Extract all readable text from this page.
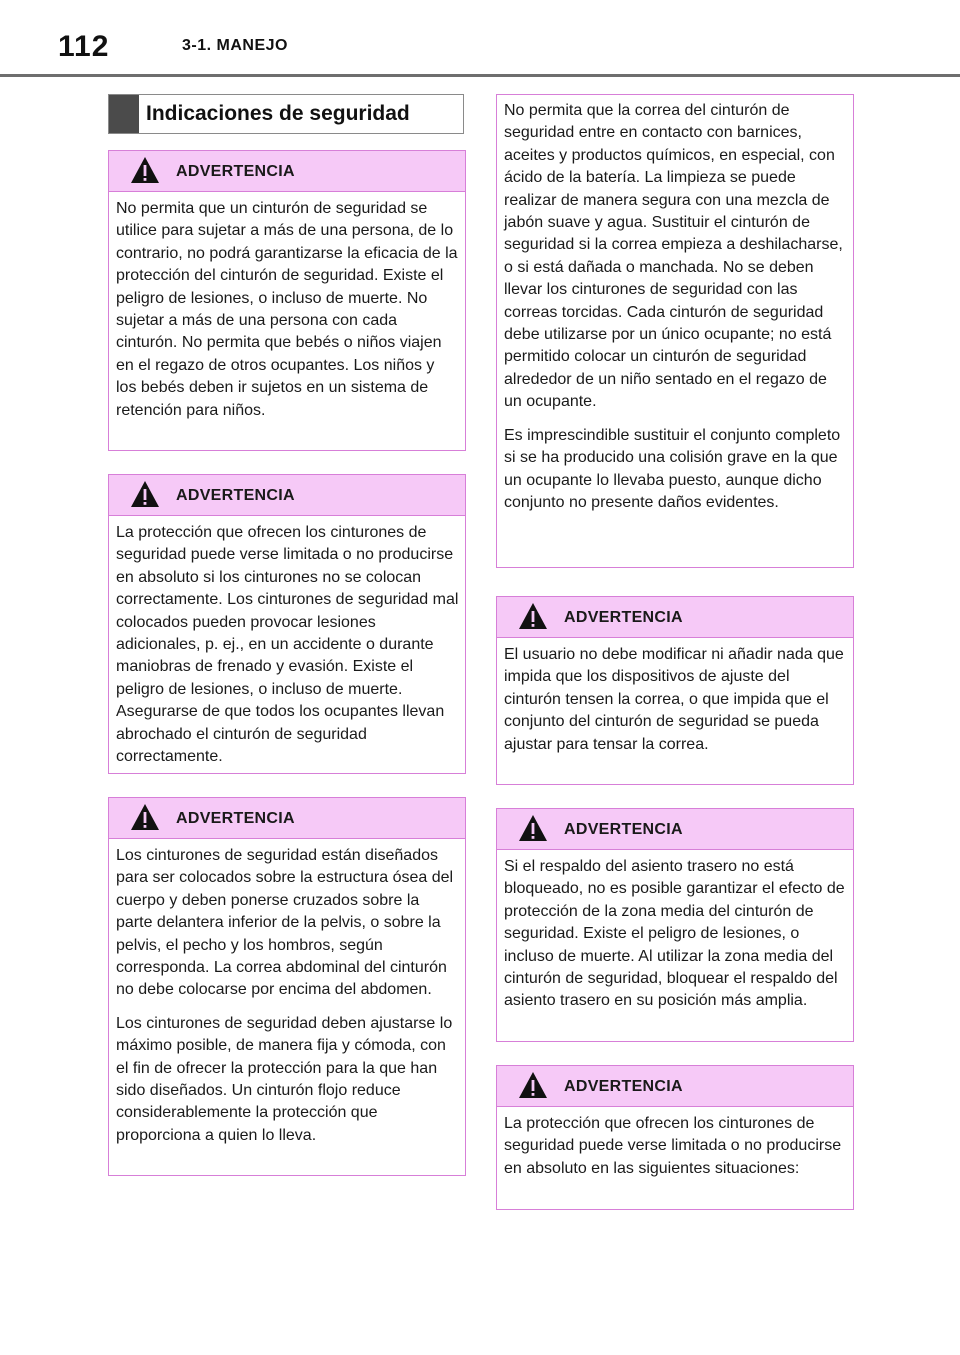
112	3-1. MANEJO
Indicaciones de seguridad
ADVERTENCIA

No permita que un cinturón de seguridad se utilice para sujetar a más de una persona, de lo contrario, no podrá garantizarse la eficacia de la protección del cinturón de seguridad. Existe el peligro de lesiones, o incluso de muerte. No sujetar a más de una persona con cada cinturón. No permita que bebés o niños viajen en el regazo de otros ocupantes. Los niños y los bebés deben ir sujetos en un sistema de retención para niños.

ADVERTENCIA

La protección que ofrecen los cinturones de seguridad puede verse limitada o no producirse en absoluto si los cinturones no se colocan correctamente. Los cinturones de seguridad mal colocados pueden provocar lesiones adicionales, p. ej., en un accidente o durante maniobras de frenado y evasión. Existe el peligro de lesiones, o incluso de muerte. Asegurarse de que todos los ocupantes llevan abrochado el cinturón de seguridad correctamente.

ADVERTENCIA

Los cinturones de seguridad están diseñados para ser colocados sobre la estructura ósea del cuerpo y deben ponerse cruzados sobre la parte delantera inferior de la pelvis, o sobre la pelvis, el pecho y los hombros, según corresponda. La correa abdominal del cinturón no debe colocarse por encima del abdomen.

Los cinturones de seguridad deben ajustarse lo máximo posible, de manera fija y cómoda, con el fin de ofrecer la protección para la que han sido diseñados. Un cinturón flojo reduce considerablemente la protección que proporciona a quien lo lleva.

No permita que la correa del cinturón de seguridad entre en contacto con barnices, aceites y productos químicos, en especial, con ácido de la batería. La limpieza se puede realizar de manera segura con una mezcla de jabón suave y agua. Sustituir el cinturón de seguridad si la correa empieza a deshilacharse, o si está dañada o manchada. No se deben llevar los cinturones de seguridad con las correas torcidas. Cada cinturón de seguridad debe utilizarse por un único ocupante; no está permitido colocar un cinturón de seguridad alrededor de un niño sentado en el regazo de un ocupante.

Es imprescindible sustituir el conjunto completo si se ha producido una colisión grave en la que un ocupante lo llevaba puesto, aunque dicho conjunto no presente daños evidentes.

ADVERTENCIA

El usuario no debe modificar ni añadir nada que impida que los dispositivos de ajuste del cinturón tensen la correa, o que impida que el conjunto del cinturón de seguridad se pueda ajustar para tensar la correa.

ADVERTENCIA

Si el respaldo del asiento trasero no está bloqueado, no es posible garantizar el efecto de protección de la zona media del cinturón de seguridad. Existe el peligro de lesiones, o incluso de muerte. Al utilizar la zona media del cinturón de seguridad, bloquear el respaldo del asiento trasero en su posición más amplia.

ADVERTENCIA

La protección que ofrecen los cinturones de seguridad puede verse limitada o no producirse en absoluto en las siguientes situaciones:
